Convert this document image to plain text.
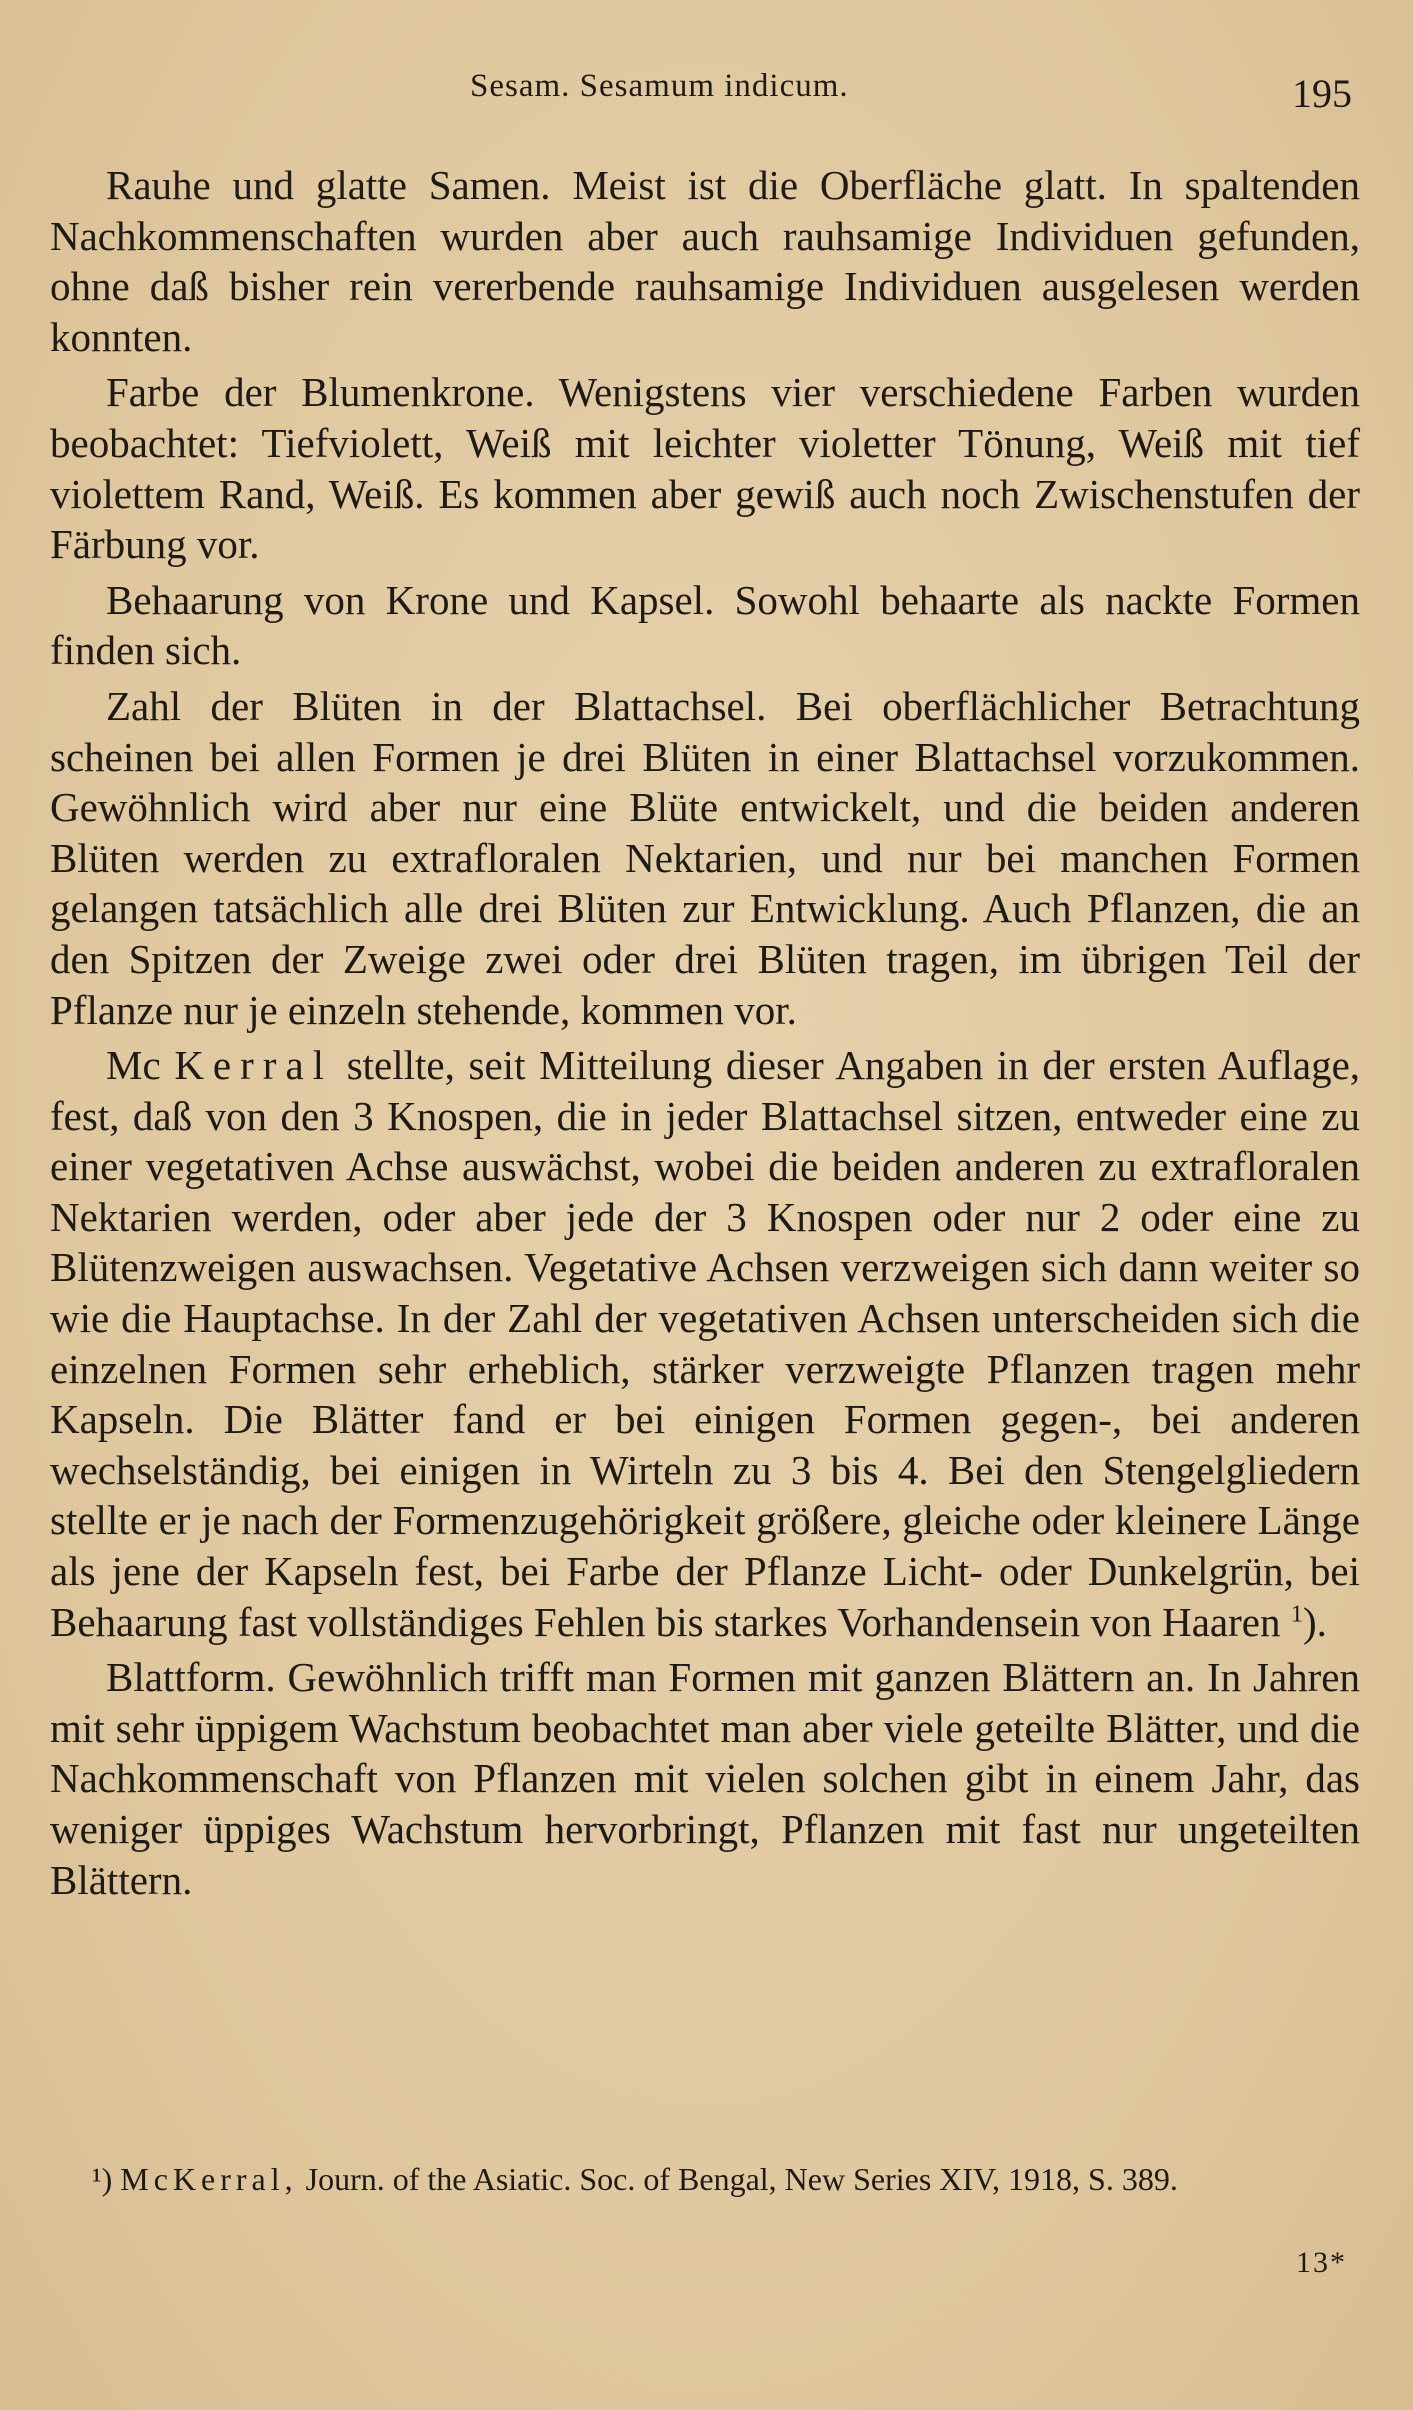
Sesam. Sesamum indicum.	195

Rauhe und glatte Samen. Meist ist die Oberfläche glatt. In spaltenden Nachkommenschaften wurden aber auch rauhsamige Individuen gefunden, ohne daß bisher rein vererbende rauhsamige Individuen ausgelesen werden konnten.

Farbe der Blumenkrone. Wenigstens vier verschiedene Farben wurden beobachtet: Tiefviolett, Weiß mit leichter violetter Tönung, Weiß mit tief violettem Rand, Weiß. Es kommen aber gewiß auch noch Zwischenstufen der Färbung vor.

Behaarung von Krone und Kapsel. Sowohl behaarte als nackte Formen finden sich.

Zahl der Blüten in der Blattachsel. Bei oberflächlicher Betrachtung scheinen bei allen Formen je drei Blüten in einer Blattachsel vorzukommen. Gewöhnlich wird aber nur eine Blüte entwickelt, und die beiden anderen Blüten werden zu extrafloralen Nektarien, und nur bei manchen Formen gelangen tatsächlich alle drei Blüten zur Entwicklung. Auch Pflanzen, die an den Spitzen der Zweige zwei oder drei Blüten tragen, im übrigen Teil der Pflanze nur je einzeln stehende, kommen vor.

Mc Kerral stellte, seit Mitteilung dieser Angaben in der ersten Auflage, fest, daß von den 3 Knospen, die in jeder Blattachsel sitzen, entweder eine zu einer vegetativen Achse auswächst, wobei die beiden anderen zu extrafloralen Nektarien werden, oder aber jede der 3 Knospen oder nur 2 oder eine zu Blütenzweigen auswachsen. Vegetative Achsen verzweigen sich dann weiter so wie die Hauptachse. In der Zahl der vegetativen Achsen unterscheiden sich die einzelnen Formen sehr erheblich, stärker verzweigte Pflanzen tragen mehr Kapseln. Die Blätter fand er bei einigen Formen gegen-, bei anderen wechselständig, bei einigen in Wirteln zu 3 bis 4. Bei den Stengelgliedern stellte er je nach der Formenzugehörigkeit größere, gleiche oder kleinere Länge als jene der Kapseln fest, bei Farbe der Pflanze Licht- oder Dunkelgrün, bei Behaarung fast vollständiges Fehlen bis starkes Vorhandensein von Haaren $^1$).

Blattform. Gewöhnlich trifft man Formen mit ganzen Blättern an. In Jahren mit sehr üppigem Wachstum beobachtet man aber viele geteilte Blätter, und die Nachkommenschaft von Pflanzen mit vielen solchen gibt in einem Jahr, das weniger üppiges Wachstum hervorbringt, Pflanzen mit fast nur ungeteilten Blättern.

¹) McKerral, Journ. of the Asiatic. Soc. of Bengal, New Series XIV, 1918, S. 389.

13*
